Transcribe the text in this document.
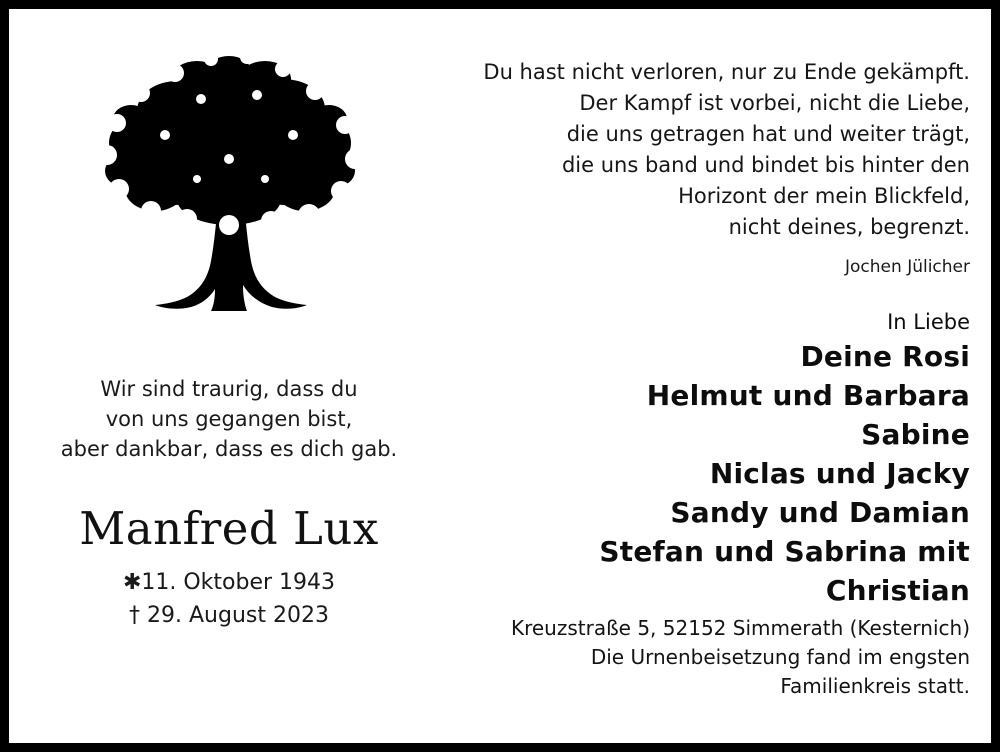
Wir sind traurig, dass du
von uns gegangen bist,
aber dankbar, dass es dich gab.
Manfred Lux
✱11. Oktober 1943
† 29. August 2023
Du hast nicht verloren, nur zu Ende gekämpft.
Der Kampf ist vorbei, nicht die Liebe,
die uns getragen hat und weiter trägt,
die uns band und bindet bis hinter den
Horizont der mein Blickfeld,
nicht deines, begrenzt.
Jochen Jülicher
In Liebe
Deine Rosi
Helmut und Barbara
Sabine
Niclas und Jacky
Sandy und Damian
Stefan und Sabrina mit
Christian
Kreuzstraße 5, 52152 Simmerath (Kesternich)
Die Urnenbeisetzung fand im engsten Familienkreis statt.
